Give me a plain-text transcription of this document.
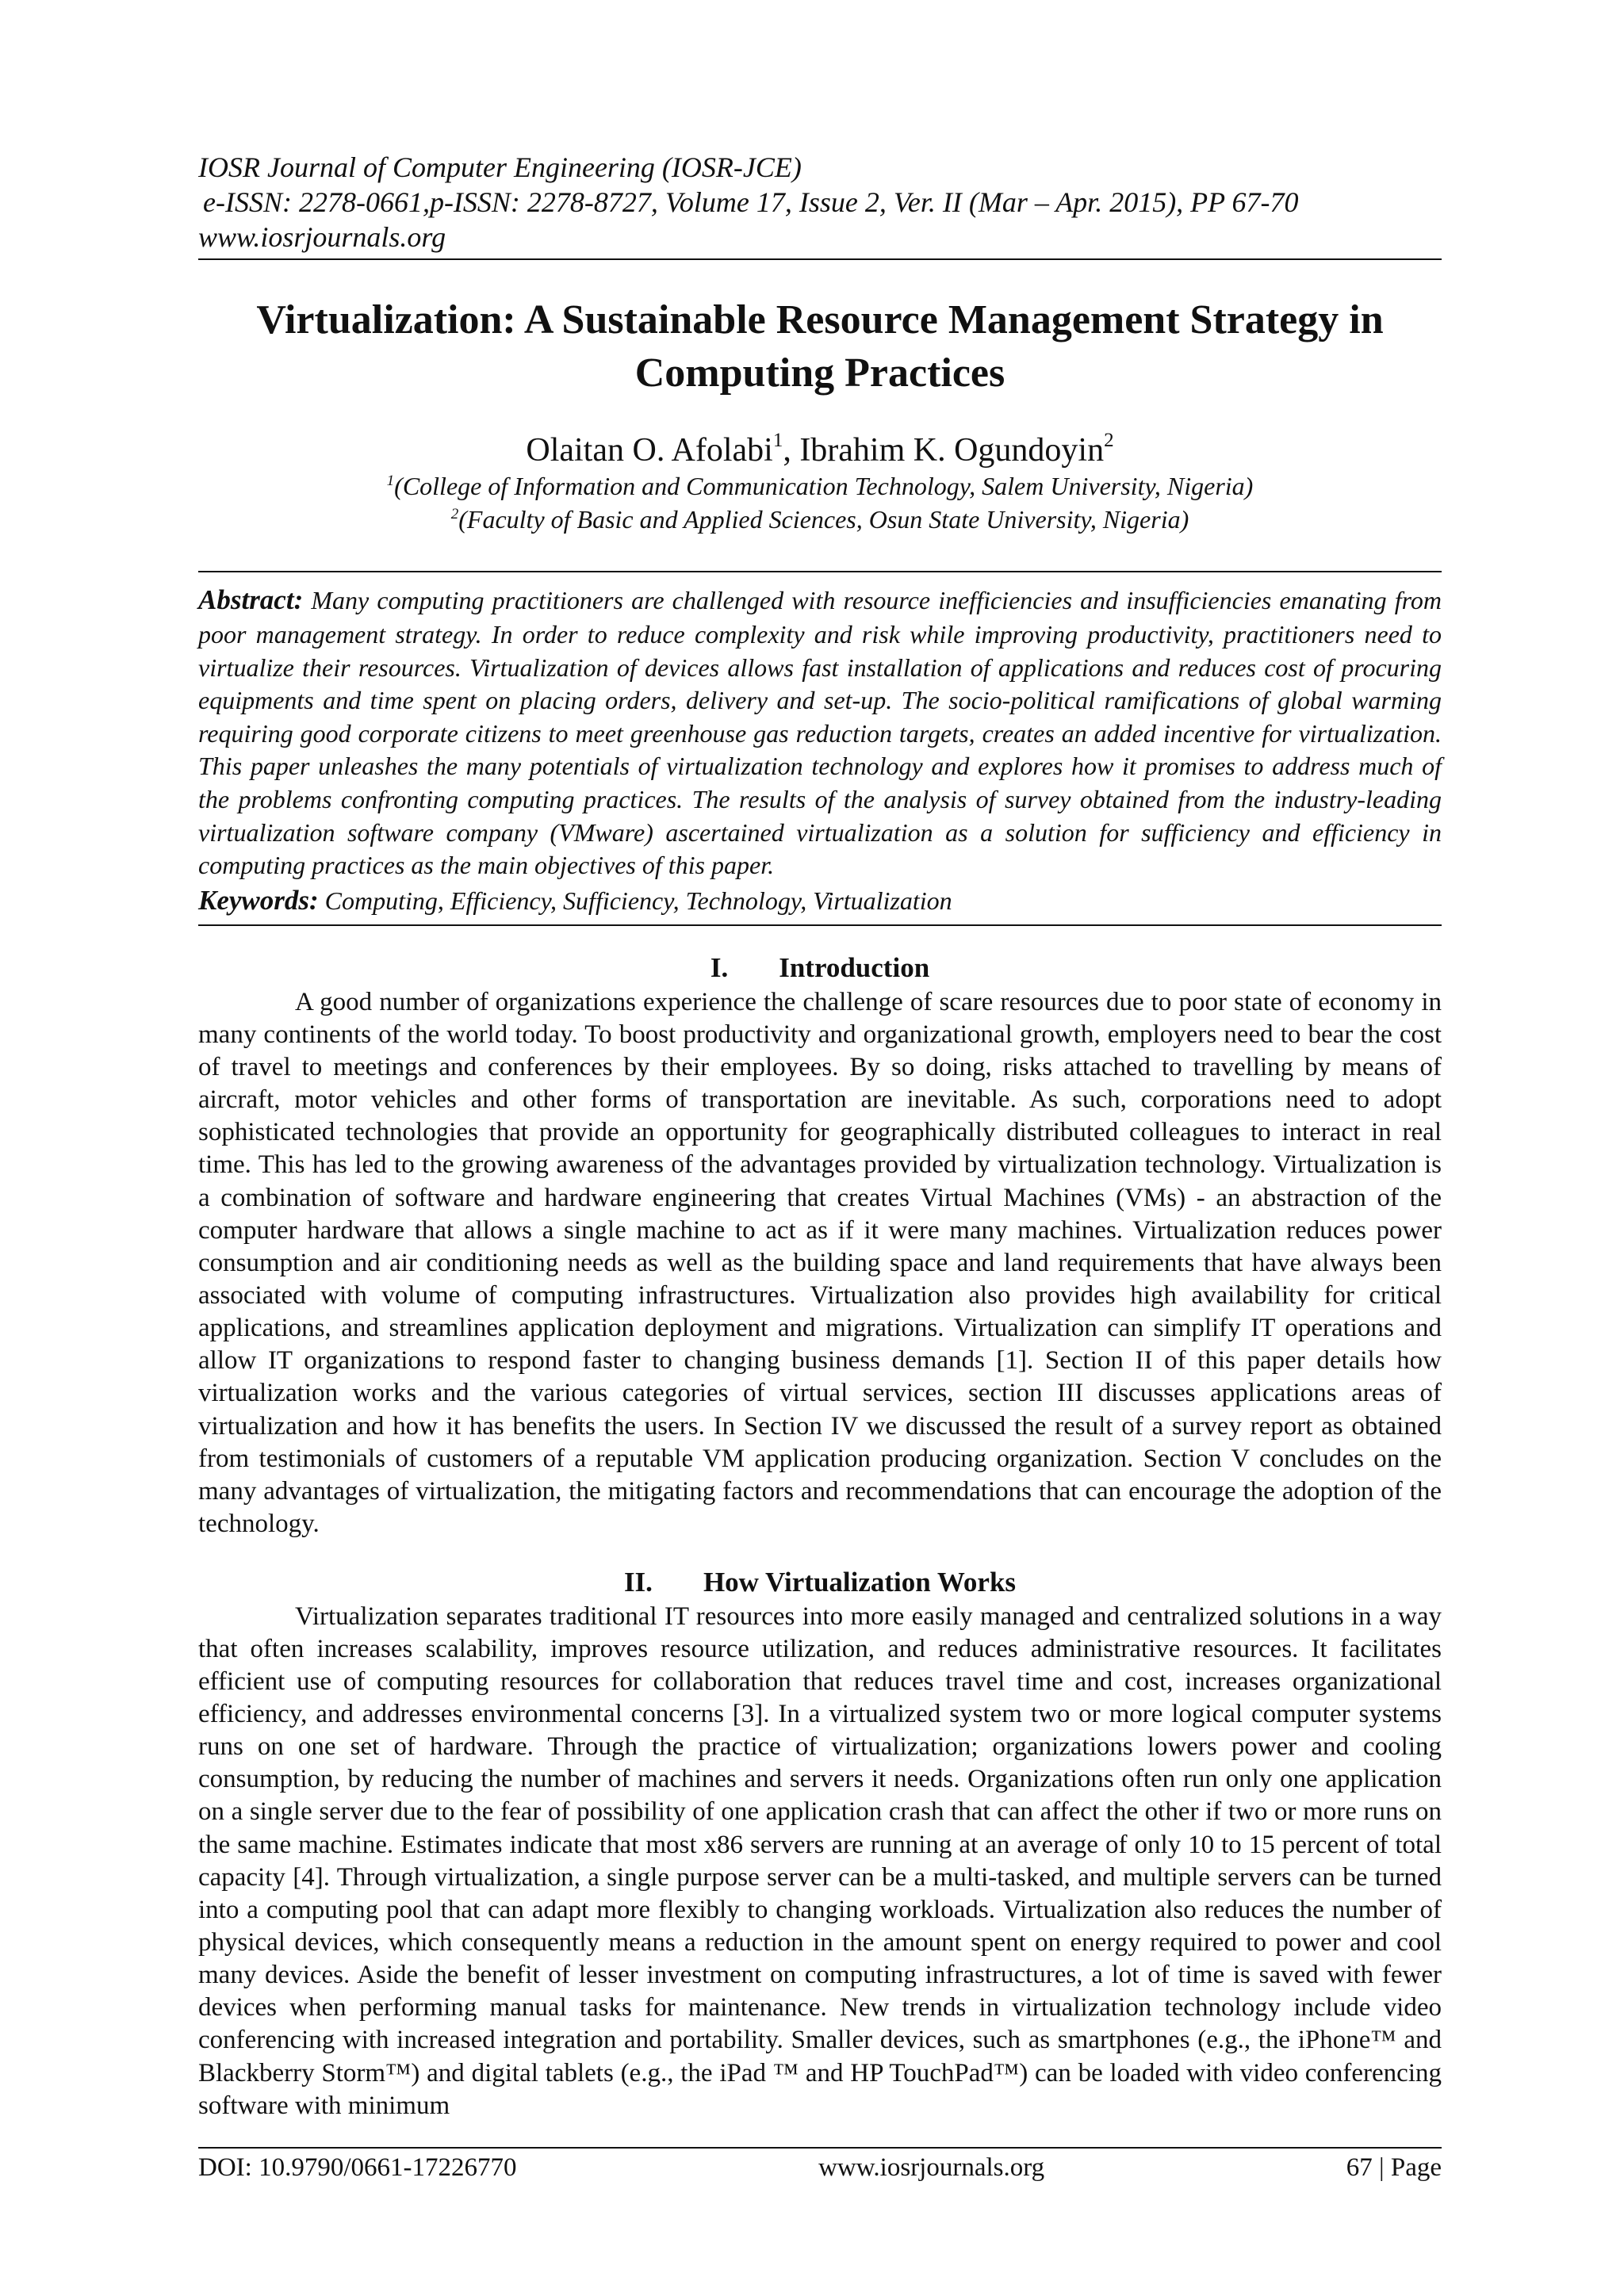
IOSR Journal of Computer Engineering (IOSR-JCE)
e-ISSN: 2278-0661,p-ISSN: 2278-8727, Volume 17, Issue 2, Ver. II (Mar – Apr. 2015), PP 67-70
www.iosrjournals.org
Virtualization: A Sustainable Resource Management Strategy in
Computing Practices
Olaitan O. Afolabi$^1$, Ibrahim K. Ogundoyin$^2$
$^1$(College of Information and Communication Technology, Salem University, Nigeria)
$^2$(Faculty of Basic and Applied Sciences, Osun State University, Nigeria)

Abstract: Many computing practitioners are challenged with resource inefficiencies and insufficiencies emanating from poor management strategy. In order to reduce complexity and risk while improving productivity, practitioners need to virtualize their resources. Virtualization of devices allows fast installation of applications and reduces cost of procuring equipments and time spent on placing orders, delivery and set-up. The socio-political ramifications of global warming requiring good corporate citizens to meet greenhouse gas reduction targets, creates an added incentive for virtualization. This paper unleashes the many potentials of virtualization technology and explores how it promises to address much of the problems confronting computing practices. The results of the analysis of survey obtained from the industry-leading virtualization software company (VMware) ascertained virtualization as a solution for sufficiency and efficiency in computing practices as the main objectives of this paper.

Keywords: Computing, Efficiency, Sufficiency, Technology, Virtualization

I. Introduction

A good number of organizations experience the challenge of scare resources due to poor state of economy in many continents of the world today. To boost productivity and organizational growth, employers need to bear the cost of travel to meetings and conferences by their employees. By so doing, risks attached to travelling by means of aircraft, motor vehicles and other forms of transportation are inevitable. As such, corporations need to adopt sophisticated technologies that provide an opportunity for geographically distributed colleagues to interact in real time. This has led to the growing awareness of the advantages provided by virtualization technology. Virtualization is a combination of software and hardware engineering that creates Virtual Machines (VMs) - an abstraction of the computer hardware that allows a single machine to act as if it were many machines. Virtualization reduces power consumption and air conditioning needs as well as the building space and land requirements that have always been associated with volume of computing infrastructures. Virtualization also provides high availability for critical applications, and streamlines application deployment and migrations. Virtualization can simplify IT operations and allow IT organizations to respond faster to changing business demands [1]. Section II of this paper details how virtualization works and the various categories of virtual services, section III discusses applications areas of virtualization and how it has benefits the users. In Section IV we discussed the result of a survey report as obtained from testimonials of customers of a reputable VM application producing organization. Section V concludes on the many advantages of virtualization, the mitigating factors and recommendations that can encourage the adoption of the technology.

II. How Virtualization Works

Virtualization separates traditional IT resources into more easily managed and centralized solutions in a way that often increases scalability, improves resource utilization, and reduces administrative resources. It facilitates efficient use of computing resources for collaboration that reduces travel time and cost, increases organizational efficiency, and addresses environmental concerns [3]. In a virtualized system two or more logical computer systems runs on one set of hardware. Through the practice of virtualization; organizations lowers power and cooling consumption, by reducing the number of machines and servers it needs. Organizations often run only one application on a single server due to the fear of possibility of one application crash that can affect the other if two or more runs on the same machine. Estimates indicate that most x86 servers are running at an average of only 10 to 15 percent of total capacity [4]. Through virtualization, a single purpose server can be a multi-tasked, and multiple servers can be turned into a computing pool that can adapt more flexibly to changing workloads. Virtualization also reduces the number of physical devices, which consequently means a reduction in the amount spent on energy required to power and cool many devices. Aside the benefit of lesser investment on computing infrastructures, a lot of time is saved with fewer devices when performing manual tasks for maintenance. New trends in virtualization technology include video conferencing with increased integration and portability. Smaller devices, such as smartphones (e.g., the iPhone™ and Blackberry Storm™) and digital tablets (e.g., the iPad ™ and HP TouchPad™) can be loaded with video conferencing software with minimum

DOI: 10.9790/0661-17226770	www.iosrjournals.org	67 | Page
